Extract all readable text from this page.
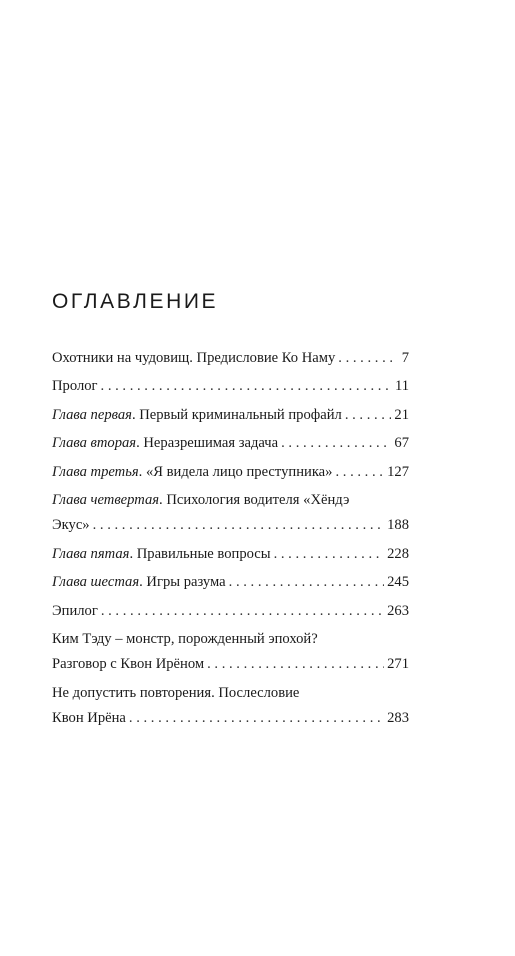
ОГЛАВЛЕНИЕ
Охотники на чудовищ. Предисловие Ко Наму . . .	7
Пролог . . .	11
Глава первая . Первый криминальный профайл . . .	21
Глава вторая . Неразрешимая задача . . .	67
Глава третья . «Я видела лицо преступника» . . .	127
Глава четвертая . Психология водителя «Хёндэ
Экус» . . .	188
Глава пятая . Правильные вопросы . . .	228
Глава шестая . Игры разума . . .	245
Эпилог . . .	263
Ким Тэду – монстр, порожденный эпохой?
Разговор с Квон Ирёном . . .	271
Не допустить повторения. Послесловие
Квон Ирёна . . .	283
